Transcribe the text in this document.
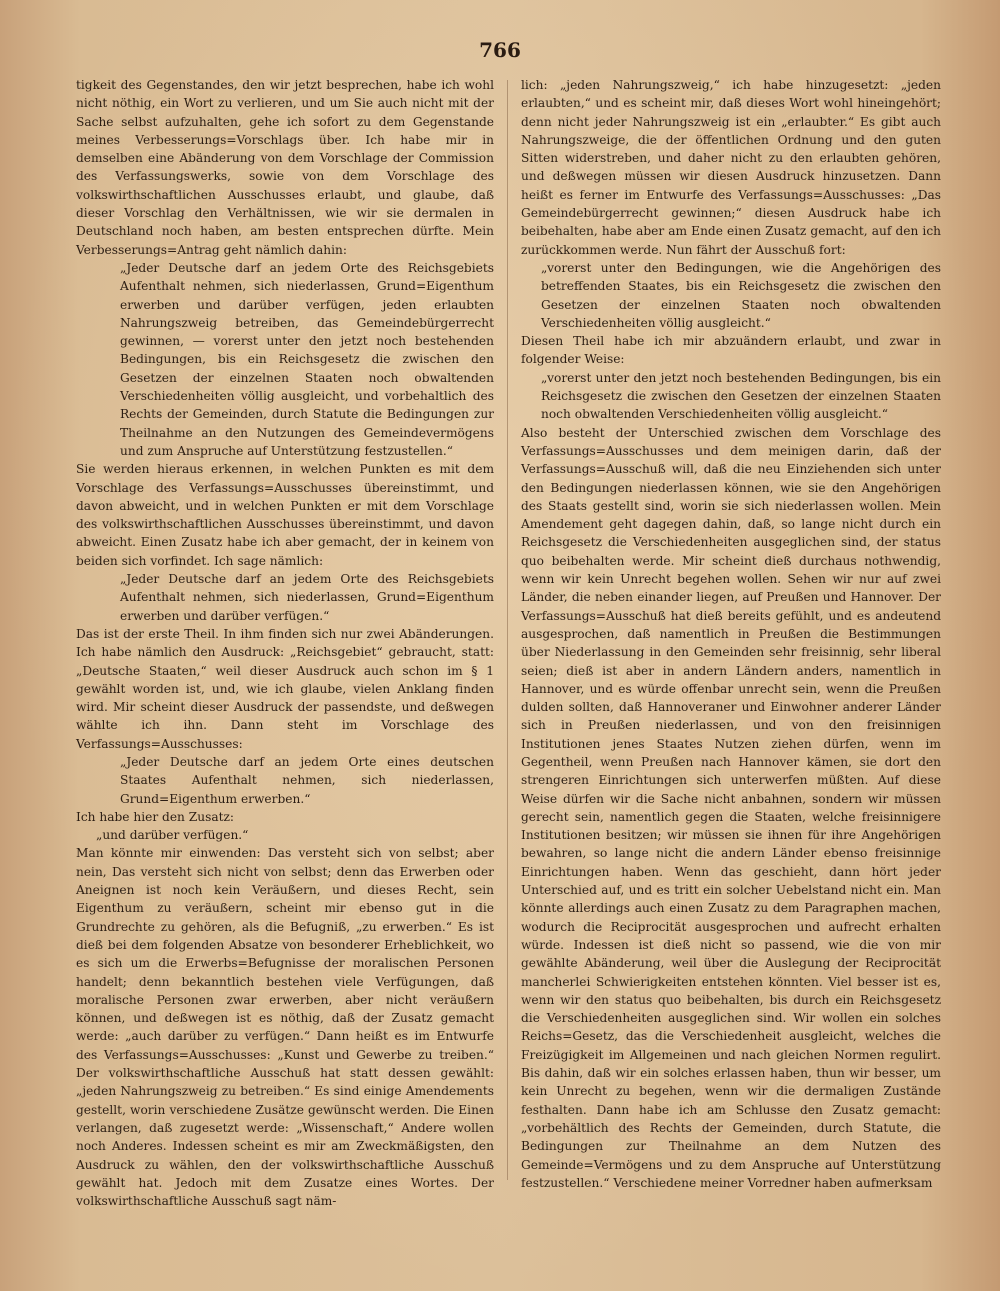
766

tigkeit des Gegenstandes, den wir jetzt besprechen, habe ich wohl nicht nöthig, ein Wort zu verlieren, und um Sie auch nicht mit der Sache selbst aufzuhalten, gehe ich sofort zu dem Gegenstande meines Verbesserungs=Vorschlags über. Ich habe mir in demselben eine Abänderung von dem Vorschlage der Commission des Verfassungswerks, sowie von dem Vorschlage des volkswirthschaftlichen Ausschusses erlaubt, und glaube, daß dieser Vorschlag den Verhältnissen, wie wir sie dermalen in Deutschland noch haben, am besten entsprechen dürfte. Mein Verbesserungs=Antrag geht nämlich dahin:

„Jeder Deutsche darf an jedem Orte des Reichsgebiets Aufenthalt nehmen, sich niederlassen, Grund=Eigenthum erwerben und darüber verfügen, jeden erlaubten Nahrungszweig betreiben, das Gemeindebürgerrecht gewinnen, — vorerst unter den jetzt noch bestehenden Bedingungen, bis ein Reichsgesetz die zwischen den Gesetzen der einzelnen Staaten noch obwaltenden Verschiedenheiten völlig ausgleicht, und vorbehaltlich des Rechts der Gemeinden, durch Statute die Bedingungen zur Theilnahme an den Nutzungen des Gemeindevermögens und zum Anspruche auf Unterstützung festzustellen.“

Sie werden hieraus erkennen, in welchen Punkten es mit dem Vorschlage des Verfassungs=Ausschusses übereinstimmt, und davon abweicht, und in welchen Punkten er mit dem Vorschlage des volkswirthschaftlichen Ausschusses übereinstimmt, und davon abweicht. Einen Zusatz habe ich aber gemacht, der in keinem von beiden sich vorfindet. Ich sage nämlich:

„Jeder Deutsche darf an jedem Orte des Reichsgebiets Aufenthalt nehmen, sich niederlassen, Grund=Eigenthum erwerben und darüber verfügen.“

Das ist der erste Theil. In ihm finden sich nur zwei Abänderungen. Ich habe nämlich den Ausdruck: „Reichsgebiet“ gebraucht, statt: „Deutsche Staaten,“ weil dieser Ausdruck auch schon im § 1 gewählt worden ist, und, wie ich glaube, vielen Anklang finden wird. Mir scheint dieser Ausdruck der passendste, und deßwegen wählte ich ihn. Dann steht im Vorschlage des Verfassungs=Ausschusses:

„Jeder Deutsche darf an jedem Orte eines deutschen Staates Aufenthalt nehmen, sich niederlassen, Grund=Eigenthum erwerben.“

Ich habe hier den Zusatz:

„und darüber verfügen.“

Man könnte mir einwenden: Das versteht sich von selbst; aber nein, Das versteht sich nicht von selbst; denn das Erwerben oder Aneignen ist noch kein Veräußern, und dieses Recht, sein Eigenthum zu veräußern, scheint mir ebenso gut in die Grundrechte zu gehören, als die Befugniß, „zu erwerben.“ Es ist dieß bei dem folgenden Absatze von besonderer Erheblichkeit, wo es sich um die Erwerbs=Befugnisse der moralischen Personen handelt; denn bekanntlich bestehen viele Verfügungen, daß moralische Personen zwar erwerben, aber nicht veräußern können, und deßwegen ist es nöthig, daß der Zusatz gemacht werde: „auch darüber zu verfügen.“ Dann heißt es im Entwurfe des Verfassungs=Ausschusses: „Kunst und Gewerbe zu treiben.“ Der volkswirthschaftliche Ausschuß hat statt dessen gewählt: „jeden Nahrungszweig zu betreiben.“ Es sind einige Amendements gestellt, worin verschiedene Zusätze gewünscht werden. Die Einen verlangen, daß zugesetzt werde: „Wissenschaft,“ Andere wollen noch Anderes. Indessen scheint es mir am Zweckmäßigsten, den Ausdruck zu wählen, den der volkswirthschaftliche Ausschuß gewählt hat. Jedoch mit dem Zusatze eines Wortes. Der volkswirthschaftliche Ausschuß sagt näm-

lich: „jeden Nahrungszweig,“ ich habe hinzugesetzt: „jeden erlaubten,“ und es scheint mir, daß dieses Wort wohl hineingehört; denn nicht jeder Nahrungszweig ist ein „erlaubter.“ Es gibt auch Nahrungszweige, die der öffentlichen Ordnung und den guten Sitten widerstreben, und daher nicht zu den erlaubten gehören, und deßwegen müssen wir diesen Ausdruck hinzusetzen. Dann heißt es ferner im Entwurfe des Verfassungs=Ausschusses: „Das Gemeindebürgerrecht gewinnen;“ diesen Ausdruck habe ich beibehalten, habe aber am Ende einen Zusatz gemacht, auf den ich zurückkommen werde. Nun fährt der Ausschuß fort:

„vorerst unter den Bedingungen, wie die Angehörigen des betreffenden Staates, bis ein Reichsgesetz die zwischen den Gesetzen der einzelnen Staaten noch obwaltenden Verschiedenheiten völlig ausgleicht.“

Diesen Theil habe ich mir abzuändern erlaubt, und zwar in folgender Weise:

„vorerst unter den jetzt noch bestehenden Bedingungen, bis ein Reichsgesetz die zwischen den Gesetzen der einzelnen Staaten noch obwaltenden Verschiedenheiten völlig ausgleicht.“

Also besteht der Unterschied zwischen dem Vorschlage des Verfassungs=Ausschusses und dem meinigen darin, daß der Verfassungs=Ausschuß will, daß die neu Einziehenden sich unter den Bedingungen niederlassen können, wie sie den Angehörigen des Staats gestellt sind, worin sie sich niederlassen wollen. Mein Amendement geht dagegen dahin, daß, so lange nicht durch ein Reichsgesetz die Verschiedenheiten ausgeglichen sind, der status quo beibehalten werde. Mir scheint dieß durchaus nothwendig, wenn wir kein Unrecht begehen wollen. Sehen wir nur auf zwei Länder, die neben einander liegen, auf Preußen und Hannover. Der Verfassungs=Ausschuß hat dieß bereits gefühlt, und es andeutend ausgesprochen, daß namentlich in Preußen die Bestimmungen über Niederlassung in den Gemeinden sehr freisinnig, sehr liberal seien; dieß ist aber in andern Ländern anders, namentlich in Hannover, und es würde offenbar unrecht sein, wenn die Preußen dulden sollten, daß Hannoveraner und Einwohner anderer Länder sich in Preußen niederlassen, und von den freisinnigen Institutionen jenes Staates Nutzen ziehen dürfen, wenn im Gegentheil, wenn Preußen nach Hannover kämen, sie dort den strengeren Einrichtungen sich unterwerfen müßten. Auf diese Weise dürfen wir die Sache nicht anbahnen, sondern wir müssen gerecht sein, namentlich gegen die Staaten, welche freisinnigere Institutionen besitzen; wir müssen sie ihnen für ihre Angehörigen bewahren, so lange nicht die andern Länder ebenso freisinnige Einrichtungen haben. Wenn das geschieht, dann hört jeder Unterschied auf, und es tritt ein solcher Uebelstand nicht ein. Man könnte allerdings auch einen Zusatz zu dem Paragraphen machen, wodurch die Reciprocität ausgesprochen und aufrecht erhalten würde. Indessen ist dieß nicht so passend, wie die von mir gewählte Abänderung, weil über die Auslegung der Reciprocität mancherlei Schwierigkeiten entstehen könnten. Viel besser ist es, wenn wir den status quo beibehalten, bis durch ein Reichsgesetz die Verschiedenheiten ausgeglichen sind. Wir wollen ein solches Reichs=Gesetz, das die Verschiedenheit ausgleicht, welches die Freizügigkeit im Allgemeinen und nach gleichen Normen regulirt. Bis dahin, daß wir ein solches erlassen haben, thun wir besser, um kein Unrecht zu begehen, wenn wir die dermaligen Zustände festhalten. Dann habe ich am Schlusse den Zusatz gemacht: „vorbehältlich des Rechts der Gemeinden, durch Statute, die Bedingungen zur Theilnahme an dem Nutzen des Gemeinde=Vermögens und zu dem Anspruche auf Unterstützung festzustellen.“ Verschiedene meiner Vorredner haben aufmerksam
